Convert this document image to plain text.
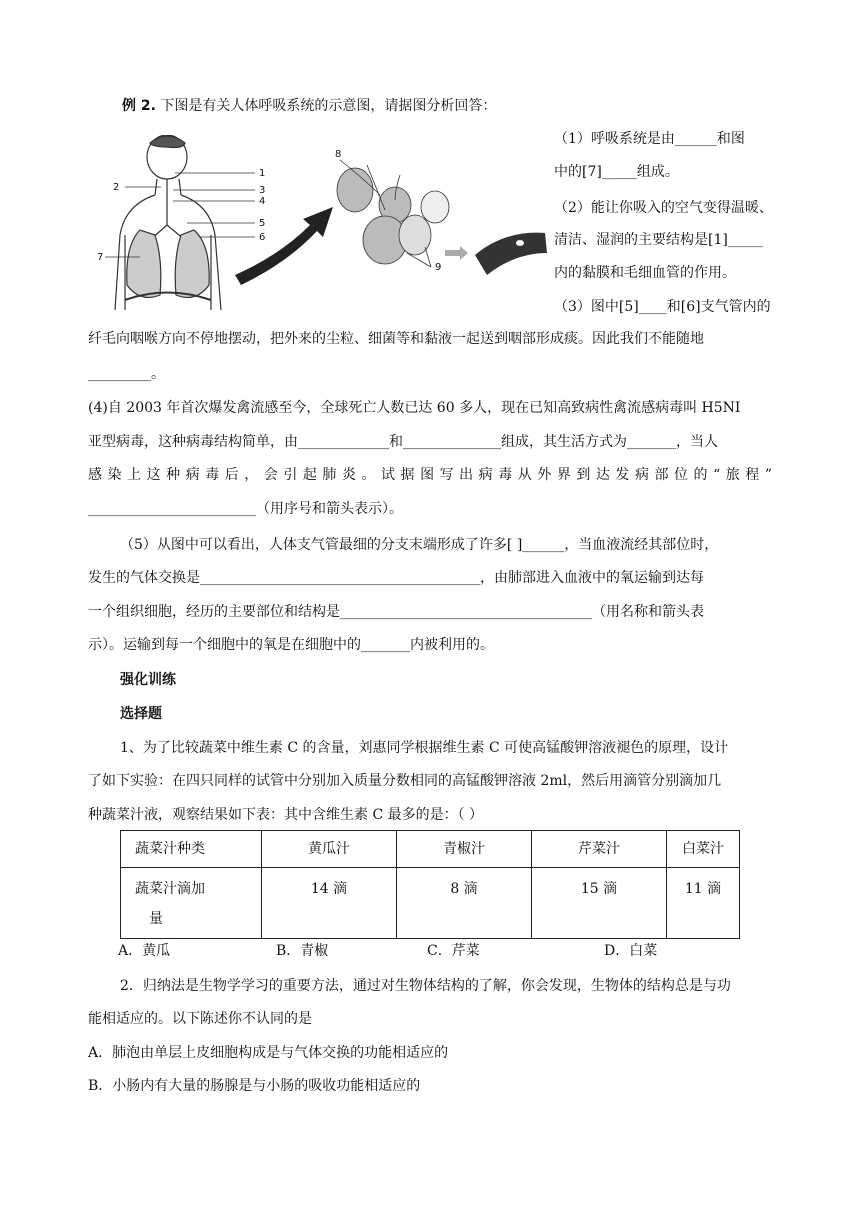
例 2. 下图是有关人体呼吸系统的示意图，请据图分析回答：
1
2	3
4
5
6
7
8
9
（1）呼吸系统是由______和图
中的[7]_____组成。
（2）能让你吸入的空气变得温暖、
清洁、湿润的主要结构是[1]_____
内的黏膜和毛细血管的作用。
（3）图中[5]____和[6]支气管内的
纤毛向咽喉方向不停地摆动，把外来的尘粒、细菌等和黏液一起送到咽部形成痰。因此我们不能随地
_________。
(4)自 2003 年首次爆发禽流感至今，全球死亡人数已达 60 多人，现在已知高致病性禽流感病毒叫 H5NI
亚型病毒，这种病毒结构简单，由_____________和______________组成，其生活方式为_______，当人
感染上这种病毒后，会引起肺炎。试据图写出病毒从外界到达发病部位的“旅程”
________________________（用序号和箭头表示）。
（5）从图中可以看出，人体支气管最细的分支末端形成了许多[ ]______，当血液流经其部位时，
发生的气体交换是________________________________________，由肺部进入血液中的氧运输到达每
一个组织细胞，经历的主要部位和结构是____________________________________（用名称和箭头表
示）。运输到每一个细胞中的氧是在细胞中的_______内被利用的。
强化训练
选择题
1、为了比较蔬菜中维生素 C 的含量，刘惠同学根据维生素 C 可使高锰酸钾溶液褪色的原理，设计
了如下实验：在四只同样的试管中分别加入质量分数相同的高锰酸钾溶液 2ml，然后用滴管分别滴加几
种蔬菜汁液，观察结果如下表：其中含维生素 C 最多的是：（ ）
蔬菜汁种类	黄瓜汁	青椒汁	芹菜汁	白菜汁

蔬菜汁滴加
量	14 滴	8 滴	15 滴	11 滴
A．黄瓜	B．青椒	C．芹菜	D．白菜
2．归纳法是生物学学习的重要方法，通过对生物体结构的了解，你会发现，生物体的结构总是与功
能相适应的。以下陈述你不认同的是
A．肺泡由单层上皮细胞构成是与气体交换的功能相适应的
B．小肠内有大量的肠腺是与小肠的吸收功能相适应的
